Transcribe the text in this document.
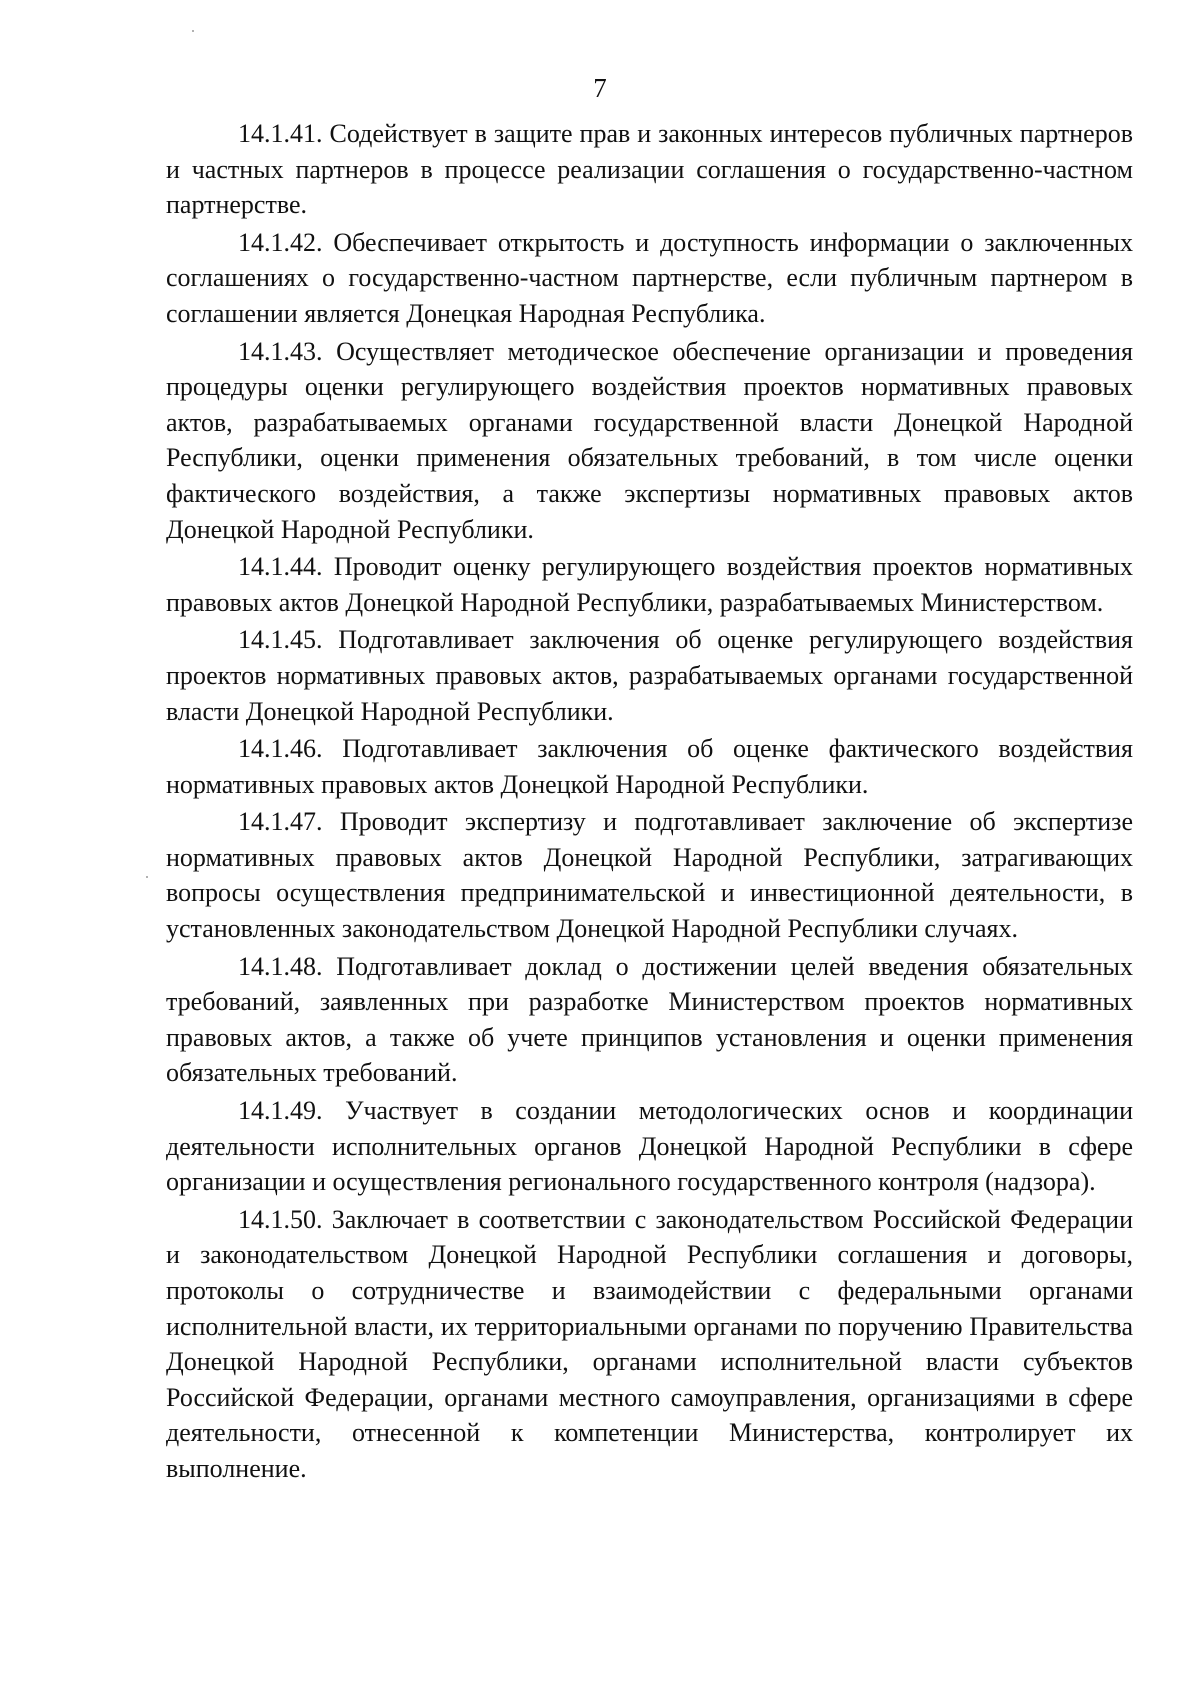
7

14.1.41. Содействует в защите прав и законных интересов публичных партнеров и частных партнеров в процессе реализации соглашения о государственно-частном партнерстве.

14.1.42. Обеспечивает открытость и доступность информации о заключенных соглашениях о государственно-частном партнерстве, если публичным партнером в соглашении является Донецкая Народная Республика.

14.1.43. Осуществляет методическое обеспечение организации и проведения процедуры оценки регулирующего воздействия проектов нормативных правовых актов, разрабатываемых органами государственной власти Донецкой Народной Республики, оценки применения обязательных требований, в том числе оценки фактического воздействия, а также экспертизы нормативных правовых актов Донецкой Народной Республики.

14.1.44. Проводит оценку регулирующего воздействия проектов нормативных правовых актов Донецкой Народной Республики, разрабатываемых Министерством.

14.1.45. Подготавливает заключения об оценке регулирующего воздействия проектов нормативных правовых актов, разрабатываемых органами государственной власти Донецкой Народной Республики.

14.1.46. Подготавливает заключения об оценке фактического воздействия нормативных правовых актов Донецкой Народной Республики.

14.1.47. Проводит экспертизу и подготавливает заключение об экспертизе нормативных правовых актов Донецкой Народной Республики, затрагивающих вопросы осуществления предпринимательской и инвестиционной деятельности, в установленных законодательством Донецкой Народной Республики случаях.

14.1.48. Подготавливает доклад о достижении целей введения обязательных требований, заявленных при разработке Министерством проектов нормативных правовых актов, а также об учете принципов установления и оценки применения обязательных требований.

14.1.49. Участвует в создании методологических основ и координации деятельности исполнительных органов Донецкой Народной Республики в сфере организации и осуществления регионального государственного контроля (надзора).

14.1.50. Заключает в соответствии с законодательством Российской Федерации и законодательством Донецкой Народной Республики соглашения и договоры, протоколы о сотрудничестве и взаимодействии с федеральными органами исполнительной власти, их территориальными органами по поручению Правительства Донецкой Народной Республики, органами исполнительной власти субъектов Российской Федерации, органами местного самоуправления, организациями в сфере деятельности, отнесенной к компетенции Министерства, контролирует их выполнение.
